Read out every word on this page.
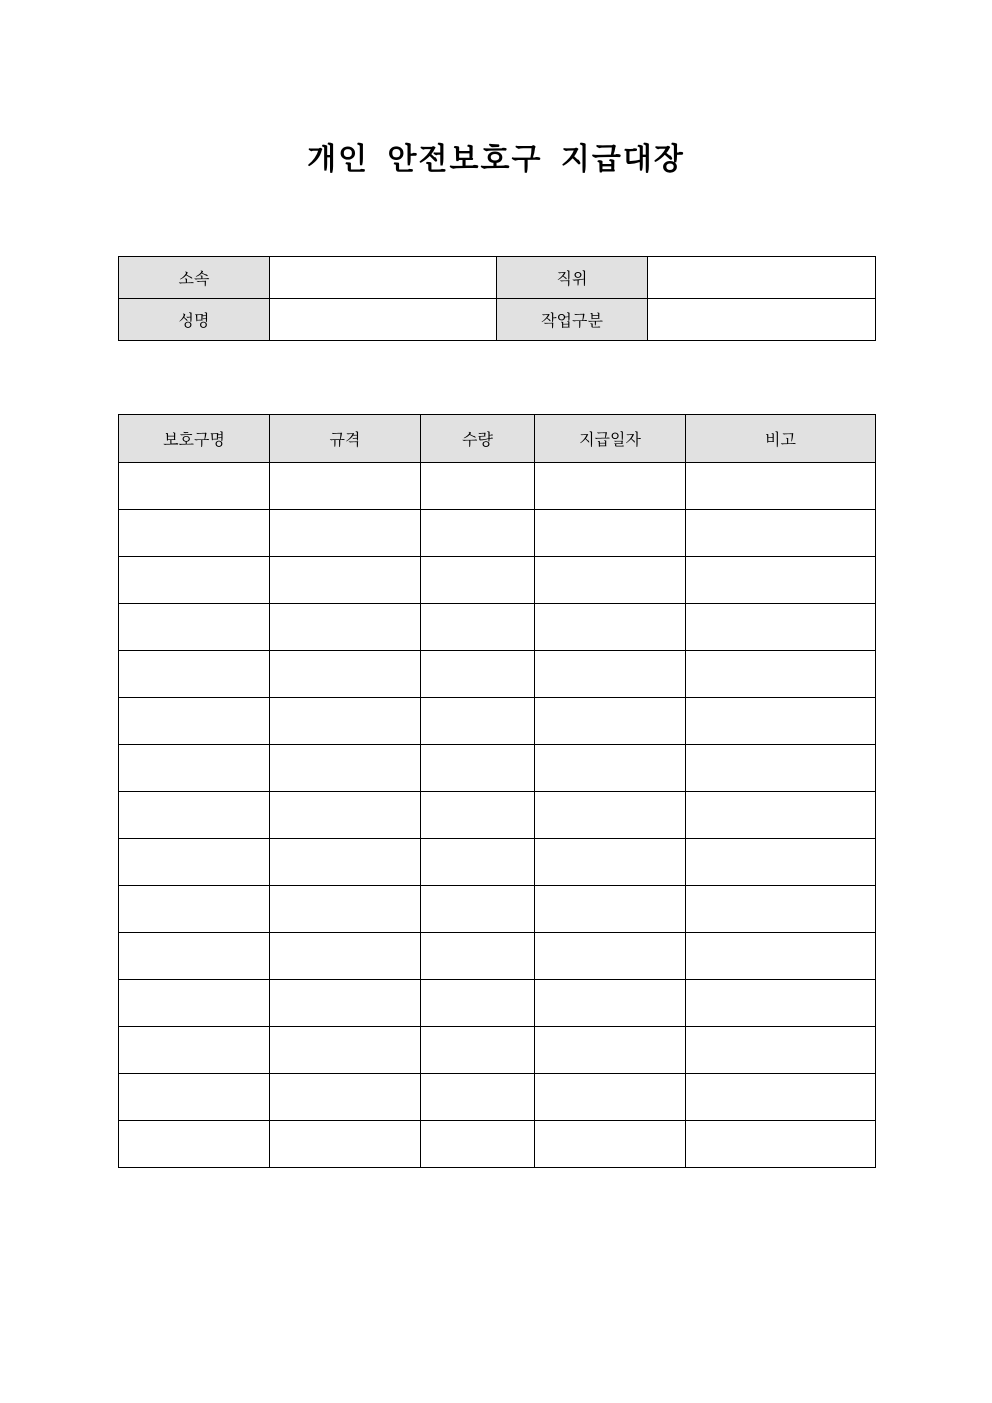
개인 안전보호구 지급대장
소속		직위	
성명		작업구분	
보호구명	규격	수량	지급일자	비고
